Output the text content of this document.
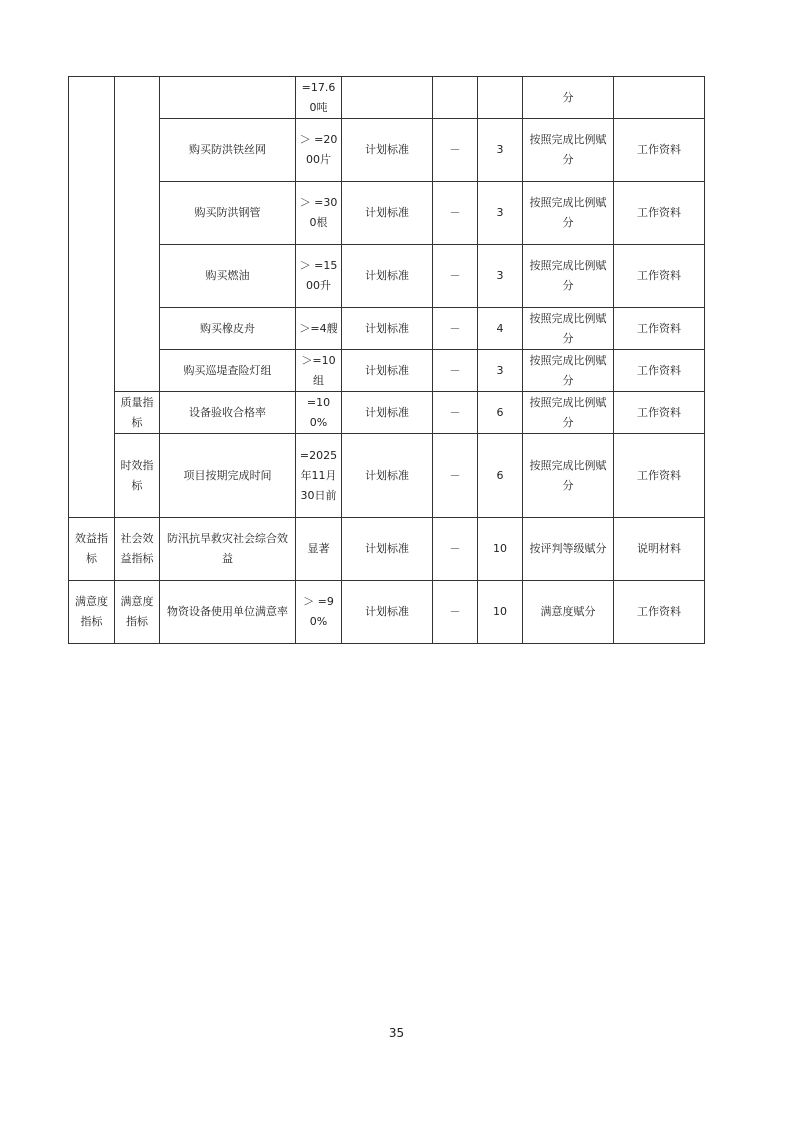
			=17.6 0吨				分	
		购买防洪铁丝网	＞ =2000片	计划标准	－	3	按照完成比例赋分	工作资料
		购买防洪钢管	＞ =300根	计划标准	－	3	按照完成比例赋分	工作资料
		购买燃油	＞ =1500升	计划标准	－	3	按照完成比例赋分	工作资料
		购买橡皮舟	＞=4艘	计划标准	－	4	按照完成比例赋分	工作资料
		购买巡堤查险灯组	＞=10组	计划标准	－	3	按照完成比例赋分	工作资料
	质量指标	设备验收合格率	=100%	计划标准	－	6	按照完成比例赋分	工作资料
	时效指标	项目按期完成时间	=2025年11月30日前	计划标准	－	6	按照完成比例赋分	工作资料
效益指标	社会效益指标	防汛抗旱救灾社会综合效益	显著	计划标准	－	10	按评判等级赋分	说明材料
满意度指标	满意度指标	物资设备使用单位满意率	＞ =90%	计划标准	－	10	满意度赋分	工作资料
35
